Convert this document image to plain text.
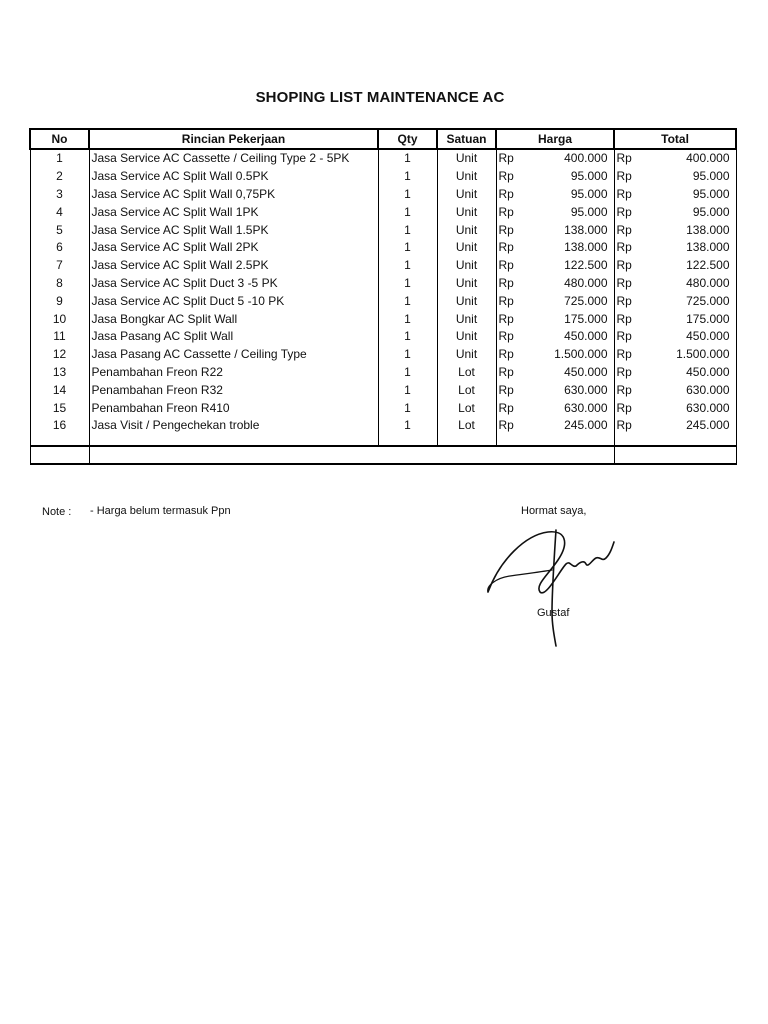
SHOPING LIST MAINTENANCE AC
No	Rincian Pekerjaan	Qty	Satuan	Harga		Total	
1	Jasa Service AC Cassette / Ceiling Type 2 - 5PK	1	Unit	Rp	400.000	Rp	400.000
2	Jasa Service AC Split Wall 0.5PK	1	Unit	Rp	95.000	Rp	95.000
3	Jasa Service AC Split Wall 0,75PK	1	Unit	Rp	95.000	Rp	95.000
4	Jasa Service AC Split Wall 1PK	1	Unit	Rp	95.000	Rp	95.000
5	Jasa Service AC Split Wall 1.5PK	1	Unit	Rp	138.000	Rp	138.000
6	Jasa Service AC Split Wall 2PK	1	Unit	Rp	138.000	Rp	138.000
7	Jasa Service AC Split Wall 2.5PK	1	Unit	Rp	122.500	Rp	122.500
8	Jasa Service AC Split Duct 3 -5 PK	1	Unit	Rp	480.000	Rp	480.000
9	Jasa Service AC Split Duct 5 -10 PK	1	Unit	Rp	725.000	Rp	725.000
10	Jasa Bongkar AC Split Wall	1	Unit	Rp	175.000	Rp	175.000
11	Jasa Pasang AC Split Wall	1	Unit	Rp	450.000	Rp	450.000
12	Jasa Pasang AC Cassette / Ceiling Type	1	Unit	Rp	1.500.000	Rp	1.500.000
13	Penambahan Freon R22	1	Lot	Rp	450.000	Rp	450.000
14	Penambahan Freon R32	1	Lot	Rp	630.000	Rp	630.000
15	Penambahan Freon R410	1	Lot	Rp	630.000	Rp	630.000
16	Jasa Visit / Pengechekan troble	1	Lot	Rp	245.000	Rp	245.000

Note : - Harga belum termasuk Ppn	Hormat saya,
Gustaf
